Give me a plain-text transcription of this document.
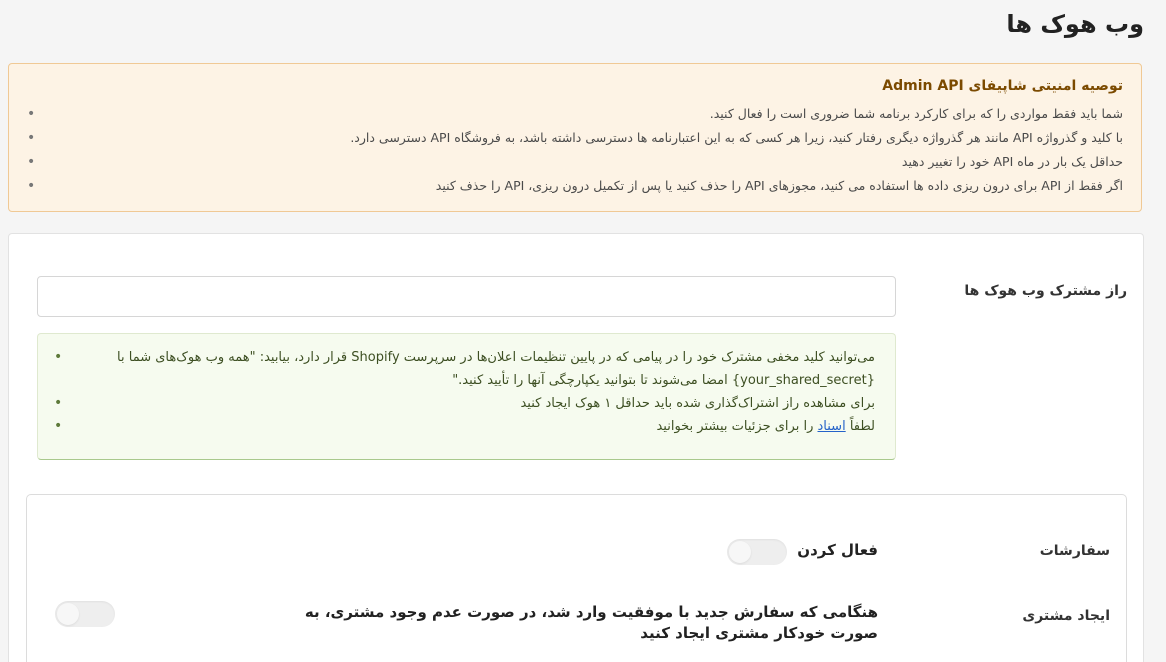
وب هوک ها
توصیه امنیتی شاپیفای Admin API
•	شما باید فقط مواردی را که برای کارکرد برنامه شما ضروری است را فعال کنید.
•	با کلید و گذرواژه API مانند هر گذرواژه دیگری رفتار کنید، زیرا هر کسی که به این اعتبارنامه ها دسترسی داشته باشد، به فروشگاه API دسترسی دارد.
•	حداقل یک بار در ماه API خود را تغییر دهید
•	اگر فقط از API برای درون ریزی داده ها استفاده می کنید، مجوزهای API را حذف کنید یا پس از تکمیل درون ریزی، API را حذف کنید
راز مشترک وب هوک ها
•	می‌توانید کلید مخفی مشترک خود را در پیامی که در پایین تنظیمات اعلان‌ها در سرپرست Shopify قرار دارد، بیابید: "همه وب هوک‌های شما با {your_shared_secret} امضا می‌شوند تا بتوانید یکپارچگی آنها را تأیید کنید."
•	برای مشاهده راز اشتراک‌گذاری شده باید حداقل ۱ هوک ایجاد کنید
•	لطفاً اسناد را برای جزئیات بیشتر بخوانید
سفارشات
فعال کردن
ایجاد مشتری
هنگامی که سفارش جدید با موفقیت وارد شد، در صورت عدم وجود مشتری، به صورت خودکار مشتری ایجاد کنید
